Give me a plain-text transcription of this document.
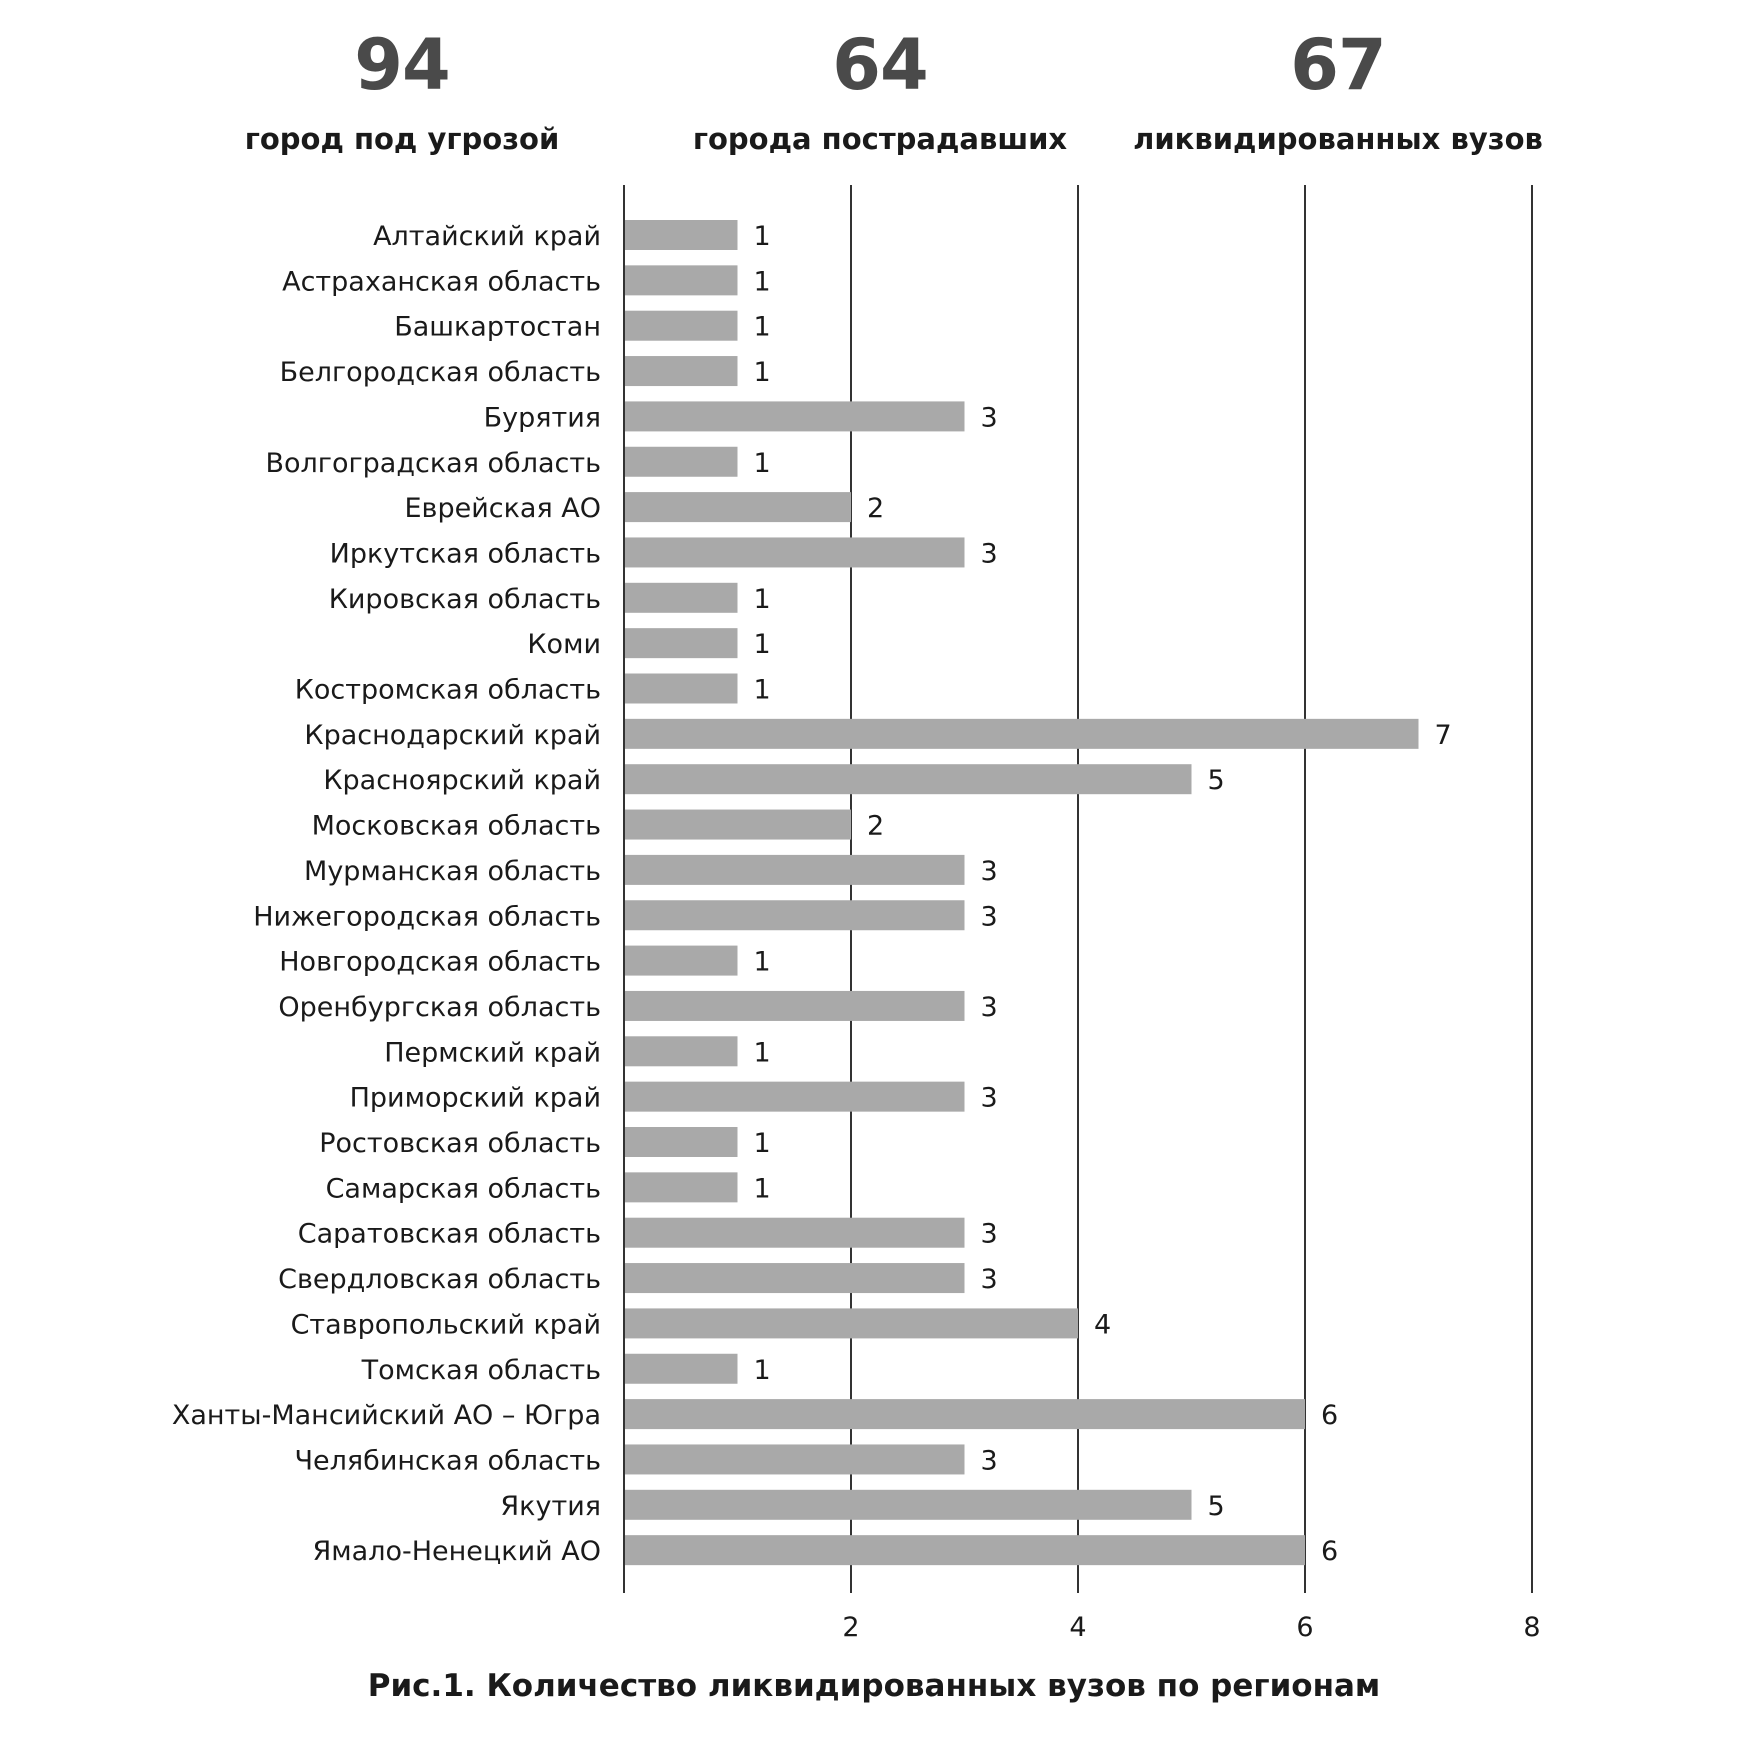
94
город под угрозой
64
города пострадавших
67
ликвидированных вузов
2	4	6	8
Алтайский край	1
Астраханская область	1
Башкартостан	1
Белгородская область	1
Бурятия	3
Волгоградская область	1
Еврейская АО	2
Иркутская область	3
Кировская область	1
Коми	1
Костромская область	1
Краснодарский край	7
Красноярский край	5
Московская область	2
Мурманская область	3
Нижегородская область	3
Новгородская область	1
Оренбургская область	3
Пермский край	1
Приморский край	3
Ростовская область	1
Самарская область	1
Саратовская область	3
Свердловская область	3
Ставропольский край	4
Томская область	1
Ханты-Мансийский АО – Югра	6
Челябинская область	3
Якутия	5
Ямало-Ненецкий АО	6
Рис.1. Количество ликвидированных вузов по регионам
